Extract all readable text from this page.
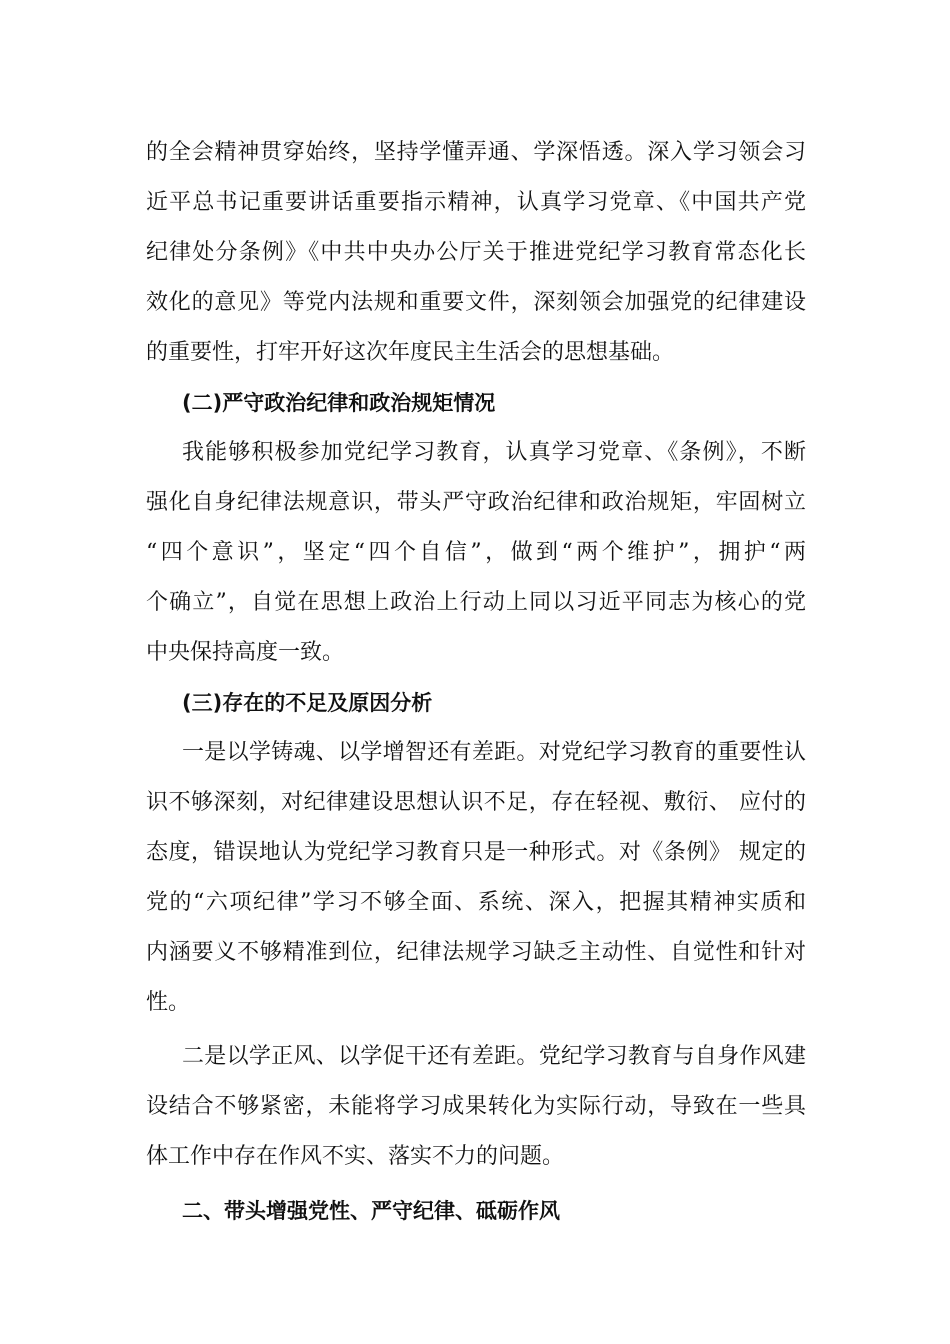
的全会精神贯穿始终，坚持学懂弄通、学深悟透。深入学习领会习
近平总书记重要讲话重要指示精神，认真学习党章、《中国共产党
纪律处分条例》《中共中央办公厅关于推进党纪学习教育常态化长
效化的意见》等党内法规和重要文件，深刻领会加强党的纪律建设
的重要性，打牢开好这次年度民主生活会的思想基础。
(二)严守政治纪律和政治规矩情况
我能够积极参加党纪学习教育，认真学习党章、《条例》，不断
强化自身纪律法规意识，带头严守政治纪律和政治规矩，牢固树立
“四个意识”，坚定“四个自信”，做到“两个维护”，拥护“两
个确立”，自觉在思想上政治上行动上同以习近平同志为核心的党
中央保持高度一致。
(三)存在的不足及原因分析
一是以学铸魂、以学增智还有差距。对党纪学习教育的重要性认
识不够深刻，对纪律建设思想认识不足，存在轻视、敷衍、 应付的
态度，错误地认为党纪学习教育只是一种形式。对《条例》 规定的
党的“六项纪律”学习不够全面、系统、深入，把握其精神实质和
内涵要义不够精准到位，纪律法规学习缺乏主动性、自觉性和针对
性。
二是以学正风、以学促干还有差距。党纪学习教育与自身作风建
设结合不够紧密，未能将学习成果转化为实际行动，导致在一些具
体工作中存在作风不实、落实不力的问题。
二、带头增强党性、严守纪律、砥砺作风
